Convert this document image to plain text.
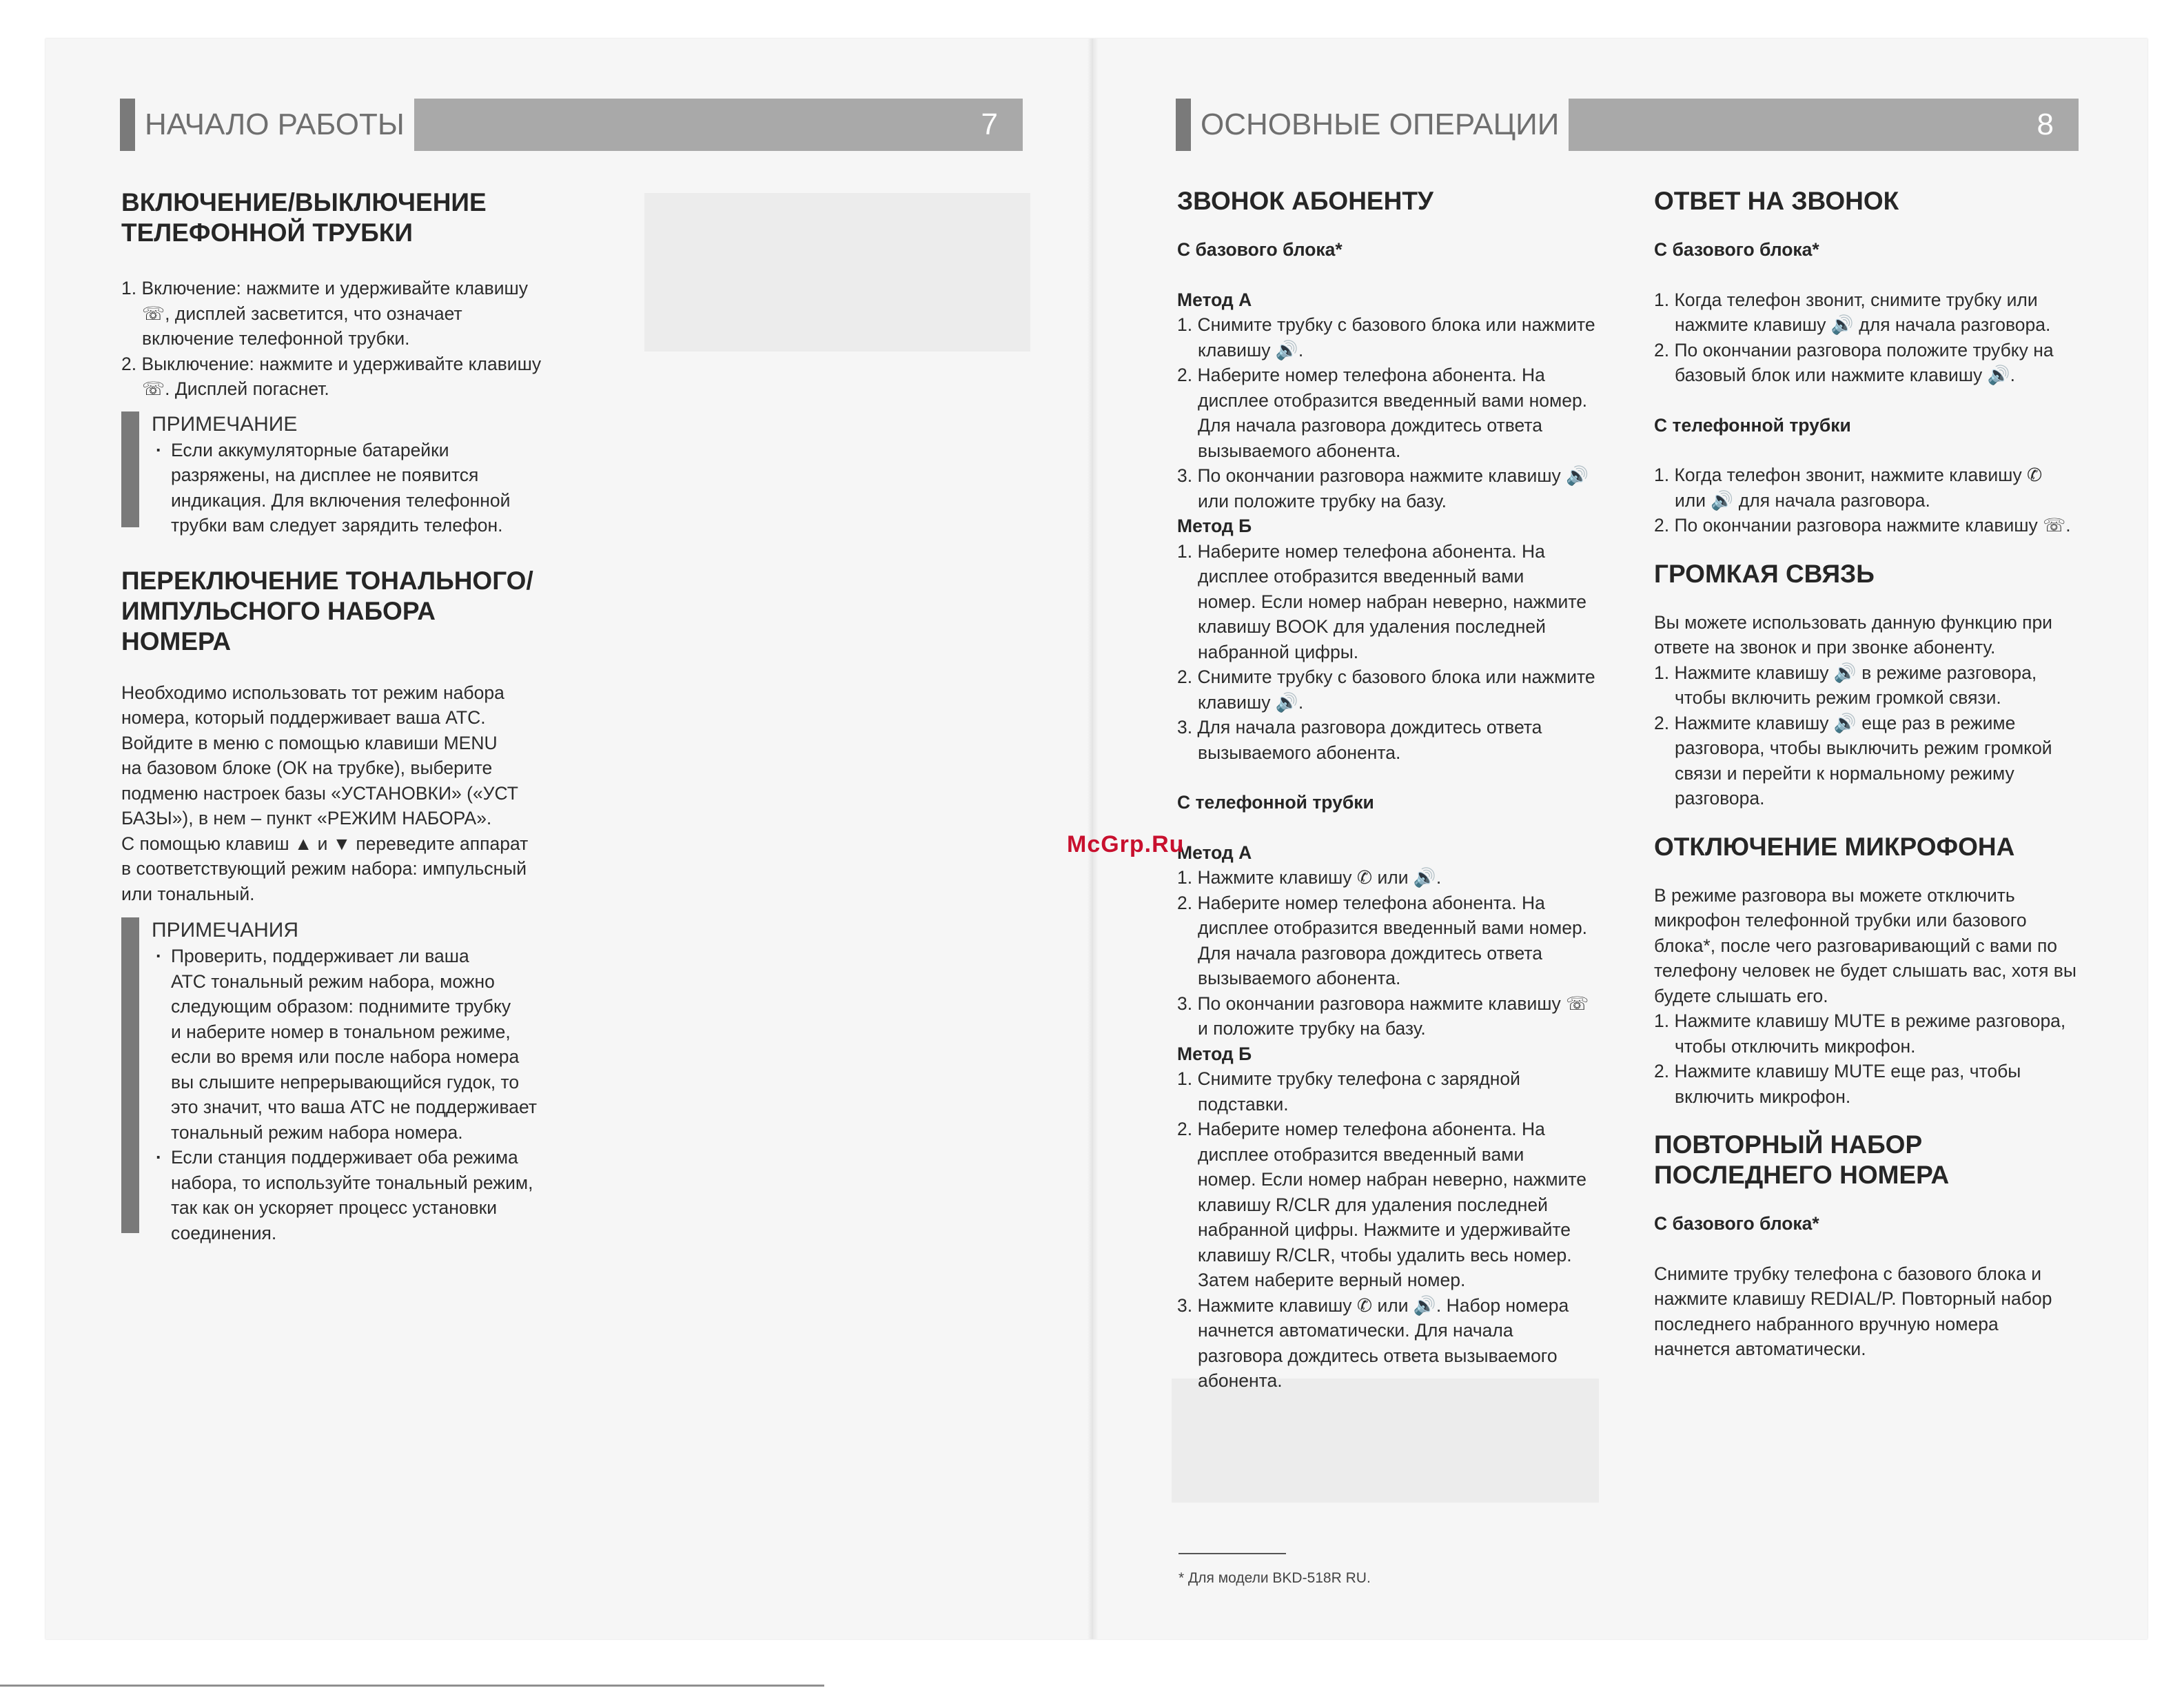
НАЧАЛО РАБОТЫ	7	ОСНОВНЫЕ ОПЕРАЦИИ	8

ВКЛЮЧЕНИЕ/ВЫКЛЮЧЕНИЕ

ТЕЛЕФОННОЙ ТРУБКИ

1. Включение: нажмите и удерживайте клавишу
☏, дисплей засветится, что означает
включение телефонной трубки.
2. Выключение: нажмите и удерживайте клавишу
☏. Дисплей погаснет.
ПРИМЕЧАНИЕ
· Если аккумуляторные батарейки
разряжены, на дисплее не появится
индикация. Для включения телефонной
трубки вам следует зарядить телефон.

ПЕРЕКЛЮЧЕНИЕ ТОНАЛЬНОГО/

ИМПУЛЬСНОГО НАБОРА

НОМЕРА

Необходимо использовать тот режим набора

номера, который поддерживает ваша АТС.

Войдите в меню с помощью клавиши MENU

на базовом блоке (ОК на трубке), выберите

подменю настроек базы «УСТАНОВКИ» («УСТ

БАЗЫ»), в нем – пункт «РЕЖИМ НАБОРА».

С помощью клавиш ▲ и ▼ переведите аппарат

в соответствующий режим набора: импульсный

или тональный.

ПРИМЕЧАНИЯ
· Проверить, поддерживает ли ваша
АТС тональный режим набора, можно
следующим образом: поднимите трубку
и наберите номер в тональном режиме,
если во время или после набора номера
вы слышите непрерывающийся гудок, то
это значит, что ваша АТС не поддерживает
тональный режим набора номера.
· Если станция поддерживает оба режима
набора, то используйте тональный режим,
так как он ускоряет процесс установки
соединения.

ЗВОНОК АБОНЕНТУ

С базового блока*

Метод А

1. Снимите трубку с базового блока или нажмите
клавишу 🔊.
2. Наберите номер телефона абонента. На
дисплее отобразится введенный вами номер.
Для начала разговора дождитесь ответа
вызываемого абонента.
3. По окончании разговора нажмите клавишу 🔊
или положите трубку на базу.

Метод Б

1. Наберите номер телефона абонента. На
дисплее отобразится введенный вами
номер. Если номер набран неверно, нажмите
клавишу BOOK для удаления последней
набранной цифры.
2. Снимите трубку с базового блока или нажмите
клавишу 🔊.
3. Для начала разговора дождитесь ответа
вызываемого абонента.

С телефонной трубки

Метод А

1. Нажмите клавишу ✆ или 🔊.
2. Наберите номер телефона абонента. На
дисплее отобразится введенный вами номер.
Для начала разговора дождитесь ответа
вызываемого абонента.
3. По окончании разговора нажмите клавишу ☏
и положите трубку на базу.

Метод Б

1. Снимите трубку телефона с зарядной
подставки.
2. Наберите номер телефона абонента. На
дисплее отобразится введенный вами
номер. Если номер набран неверно, нажмите
клавишу R/CLR для удаления последней
набранной цифры. Нажмите и удерживайте
клавишу R/CLR, чтобы удалить весь номер.
Затем наберите верный номер.
3. Нажмите клавишу ✆ или 🔊. Набор номера
начнется автоматически. Для начала
разговора дождитесь ответа вызываемого
абонента.
* Для модели BKD-518R RU.

ОТВЕТ НА ЗВОНОК

С базового блока*

1. Когда телефон звонит, снимите трубку или
нажмите клавишу 🔊 для начала разговора.
2. По окончании разговора положите трубку на
базовый блок или нажмите клавишу 🔊.

С телефонной трубки

1. Когда телефон звонит, нажмите клавишу ✆
или 🔊 для начала разговора.
2. По окончании разговора нажмите клавишу ☏.

ГРОМКАЯ СВЯЗЬ

Вы можете использовать данную функцию при

ответе на звонок и при звонке абоненту.

1. Нажмите клавишу 🔊 в режиме разговора,
чтобы включить режим громкой связи.
2. Нажмите клавишу 🔊 еще раз в режиме
разговора, чтобы выключить режим громкой
связи и перейти к нормальному режиму
разговора.

ОТКЛЮЧЕНИЕ МИКРОФОНА

В режиме разговора вы можете отключить

микрофон телефонной трубки или базового

блока*, после чего разговаривающий с вами по

телефону человек не будет слышать вас, хотя вы

будете слышать его.

1. Нажмите клавишу MUTE в режиме разговора,
чтобы отключить микрофон.
2. Нажмите клавишу MUTE еще раз, чтобы
включить микрофон.

ПОВТОРНЫЙ НАБОР

ПОСЛЕДНЕГО НОМЕРА

С базового блока*

Снимите трубку телефона с базового блока и

нажмите клавишу REDIAL/P. Повторный набор

последнего набранного вручную номера

начнется автоматически.

McGrp.Ru
